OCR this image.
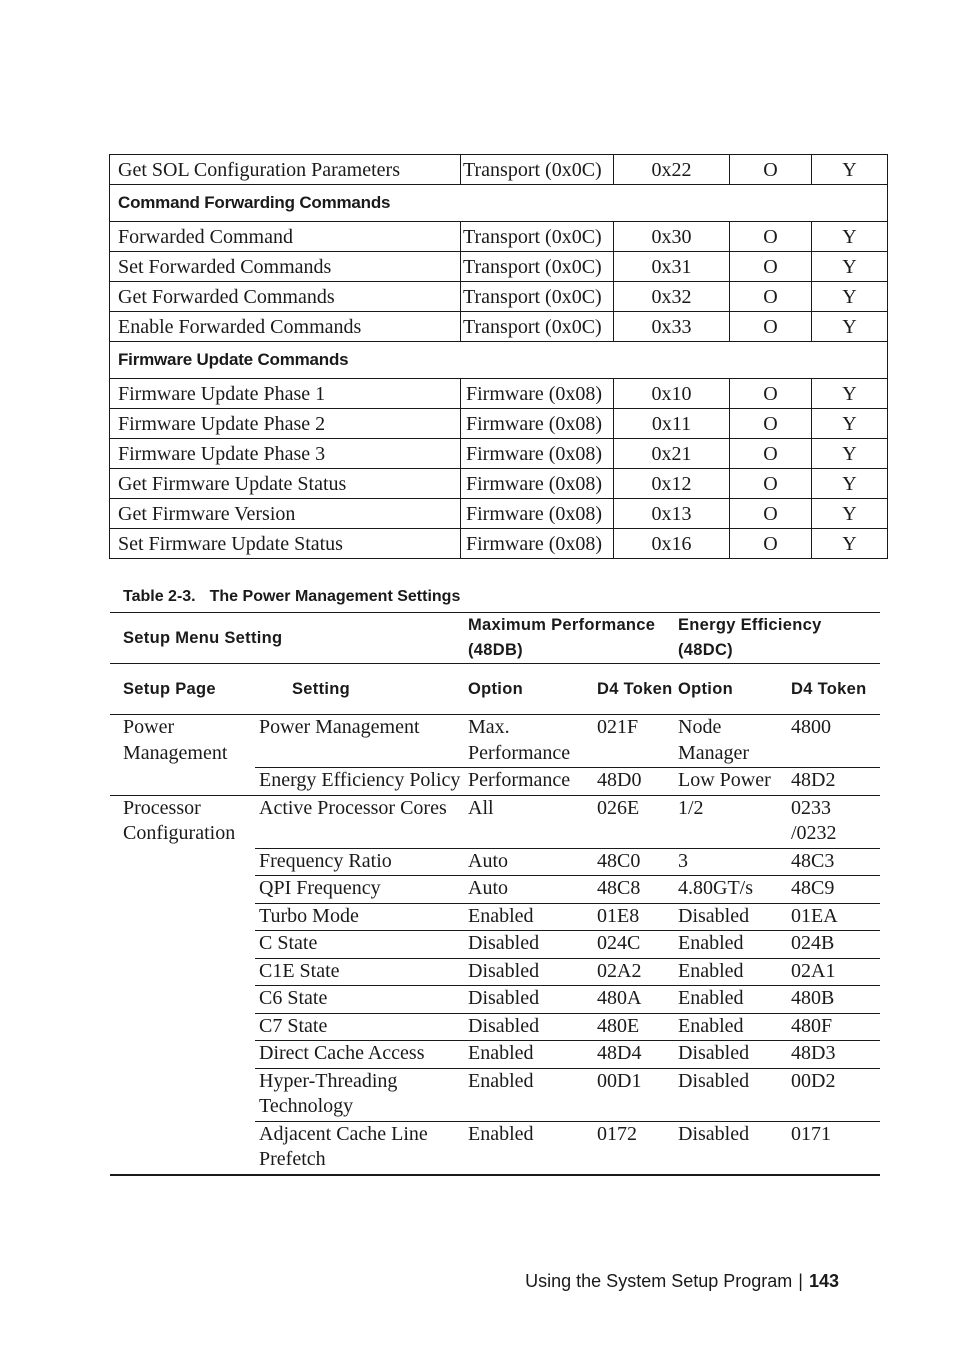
Get SOL Configuration Parameters	Transport (0x0C)	0x22	O	Y
Command Forwarding Commands				
Forwarded Command	Transport (0x0C)	0x30	O	Y
Set Forwarded Commands	Transport (0x0C)	0x31	O	Y
Get Forwarded Commands	Transport (0x0C)	0x32	O	Y
Enable Forwarded Commands	Transport (0x0C)	0x33	O	Y
Firmware Update Commands				
Firmware Update Phase 1	Firmware (0x08)	0x10	O	Y
Firmware Update Phase 2	Firmware (0x08)	0x11	O	Y
Firmware Update Phase 3	Firmware (0x08)	0x21	O	Y
Get Firmware Update Status	Firmware (0x08)	0x12	O	Y
Get Firmware Version	Firmware (0x08)	0x13	O	Y
Set Firmware Update Status	Firmware (0x08)	0x16	O	Y
Table 2-3. The Power Management Settings
Setup Menu Setting		Maximum Performance (48DB)		Energy Efficiency (48DC)	
Setup Page	Setting	Option	D4 Token	Option	D4 Token
Power Management	Power Management	Max. Performance	021F	Node Manager	4800
	Energy Efficiency Policy	Performance	48D0	Low Power	48D2
Processor Configuration	Active Processor Cores	All	026E	1/2	0233 /0232
	Frequency Ratio	Auto	48C0	3	48C3
	QPI Frequency	Auto	48C8	4.80GT/s	48C9
	Turbo Mode	Enabled	01E8	Disabled	01EA
	C State	Disabled	024C	Enabled	024B
	C1E State	Disabled	02A2	Enabled	02A1
	C6 State	Disabled	480A	Enabled	480B
	C7 State	Disabled	480E	Enabled	480F
	Direct Cache Access	Enabled	48D4	Disabled	48D3
	Hyper-Threading Technology	Enabled	00D1	Disabled	00D2
	Adjacent Cache Line Prefetch	Enabled	0172	Disabled	0171
Using the System Setup Program | 143
